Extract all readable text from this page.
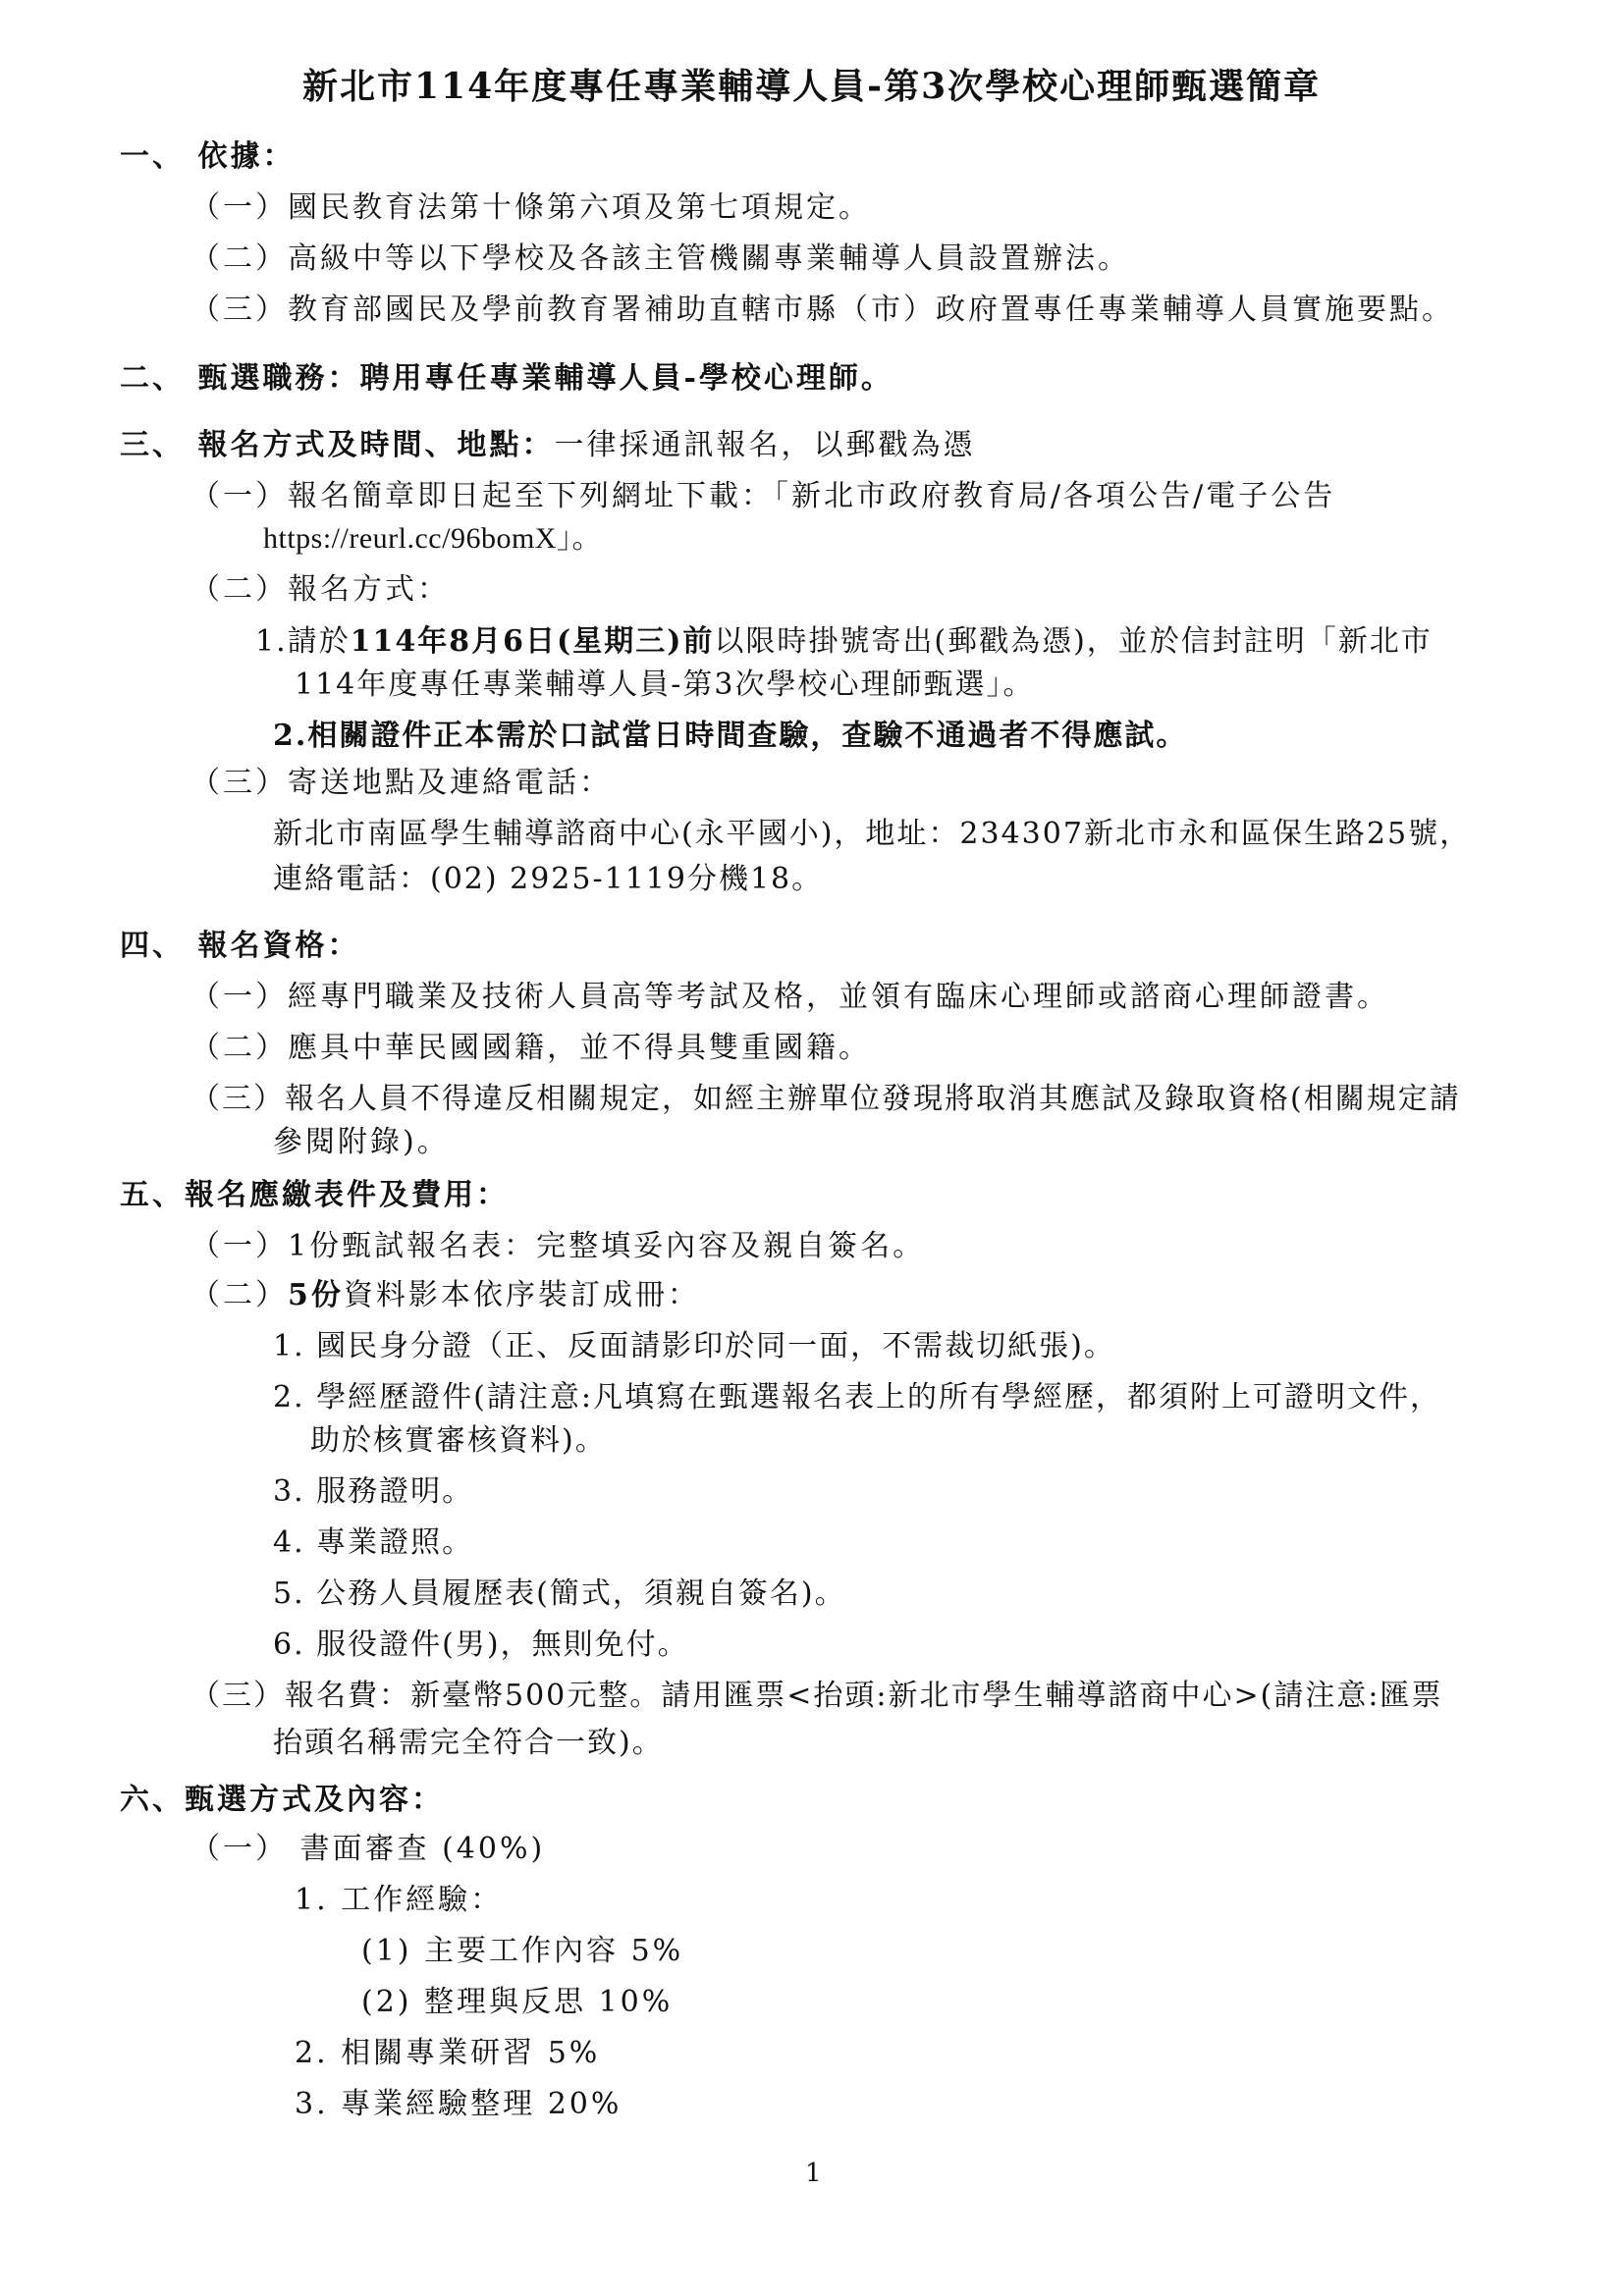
新北市114年度專任專業輔導人員-第3次學校心理師甄選簡章
一、 依據：
（一）國民教育法第十條第六項及第七項規定。
（二）高級中等以下學校及各該主管機關專業輔導人員設置辦法。
（三）教育部國民及學前教育署補助直轄市縣（市）政府置專任專業輔導人員實施要點。
二、 甄選職務：聘用專任專業輔導人員-學校心理師。
三、 報名方式及時間、地點：一律採通訊報名，以郵戳為憑
（一）報名簡章即日起至下列網址下載：「新北市政府教育局/各項公告/電子公告
https://reurl.cc/96bomX」。
（二）報名方式：
1.請於114年8月6日(星期三)前以限時掛號寄出(郵戳為憑)，並於信封註明「新北市
114年度專任專業輔導人員-第3次學校心理師甄選」。
2.相關證件正本需於口試當日時間查驗，查驗不通過者不得應試。
（三）寄送地點及連絡電話：
新北市南區學生輔導諮商中心(永平國小)，地址：234307新北市永和區保生路25號，
連絡電話：(02) 2925-1119分機18。
四、 報名資格：
（一）經專門職業及技術人員高等考試及格，並領有臨床心理師或諮商心理師證書。
（二）應具中華民國國籍，並不得具雙重國籍。
（三）報名人員不得違反相關規定，如經主辦單位發現將取消其應試及錄取資格(相關規定請
參閱附錄)。
五、報名應繳表件及費用：
（一）1份甄試報名表：完整填妥內容及親自簽名。
（二）5份資料影本依序裝訂成冊：
1. 國民身分證（正、反面請影印於同一面，不需裁切紙張)。
2. 學經歷證件(請注意:凡填寫在甄選報名表上的所有學經歷，都須附上可證明文件，
助於核實審核資料)。
3. 服務證明。
4. 專業證照。
5. 公務人員履歷表(簡式，須親自簽名)。
6. 服役證件(男)，無則免付。
（三）報名費：新臺幣500元整。請用匯票<抬頭:新北市學生輔導諮商中心>(請注意:匯票
抬頭名稱需完全符合一致)。
六、甄選方式及內容：
（一） 書面審查 (40%)
1. 工作經驗：
(1) 主要工作內容 5%
(2) 整理與反思 10%
2. 相關專業研習 5%
3. 專業經驗整理 20%
1
